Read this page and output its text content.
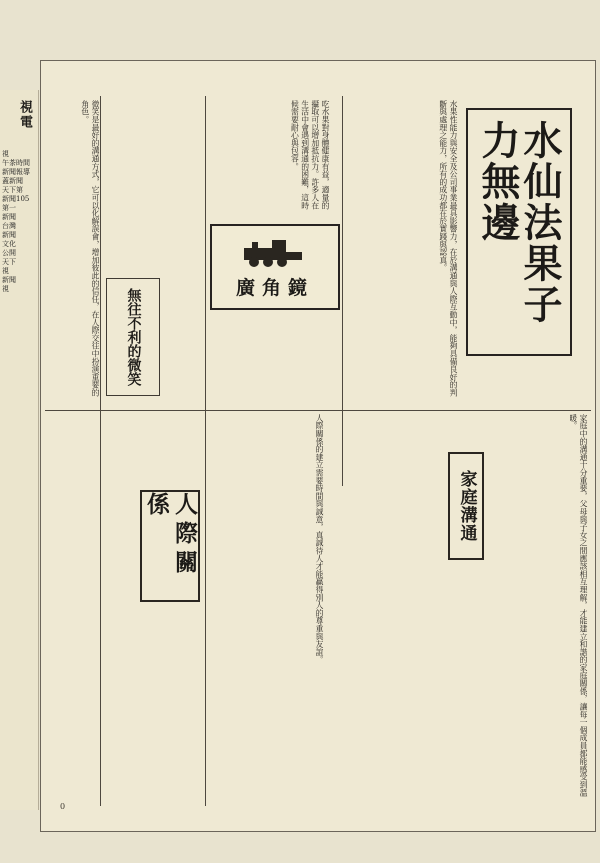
視電
視
午茶時間
新聞報導
蓋新聞
天下第
新聞105
第一
新聞
台灣
新聞
文化
公開
天下
視
新聞
視	水果性能力與安全及公司事業最具影響力，在於溝通與人際互動中，能夠具備良好的判斷與處理之能力，所有的成功都在於實踐與認真。
吃水果對身體健康有益，適量的攝取可以增加抵抗力。許多人在生活中會遇到溝通的困難，這時候需要耐心與包容。
家庭中的溝通十分重要，父母與子女之間應該相互理解，才能建立和諧的家庭關係，讓每一個成員都能感受到溫暖。
微笑是最好的溝通方式，它可以化解誤會，增加彼此的信任，在人際交往中扮演重要的角色。
人際關係的建立需要時間與誠意，真誠待人才能贏得別人的尊重與友誼。
水仙法果子力無邊
廣角鏡
無往不利的微笑
人際關係	家庭溝通
0
